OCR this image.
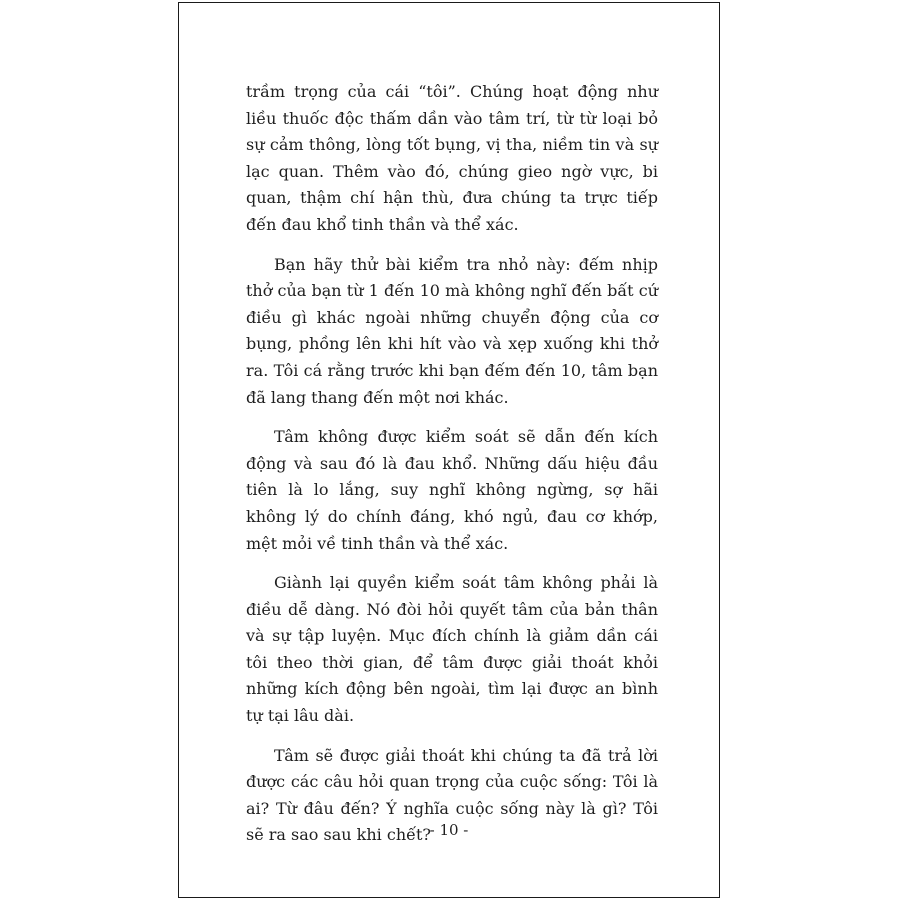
trầm trọng của cái “tôi”. Chúng hoạt động như liều thuốc độc thấm dần vào tâm trí, từ từ loại bỏ sự cảm thông, lòng tốt bụng, vị tha, niềm tin và sự lạc quan. Thêm vào đó, chúng gieo ngờ vực, bi quan, thậm chí hận thù, đưa chúng ta trực tiếp đến đau khổ tinh thần và thể xác.

Bạn hãy thử bài kiểm tra nhỏ này: đếm nhịp thở của bạn từ 1 đến 10 mà không nghĩ đến bất cứ điều gì khác ngoài những chuyển động của cơ bụng, phồng lên khi hít vào và xẹp xuống khi thở ra. Tôi cá rằng trước khi bạn đếm đến 10, tâm bạn đã lang thang đến một nơi khác.

Tâm không được kiểm soát sẽ dẫn đến kích động và sau đó là đau khổ. Những dấu hiệu đầu tiên là lo lắng, suy nghĩ không ngừng, sợ hãi không lý do chính đáng, khó ngủ, đau cơ khớp, mệt mỏi về tinh thần và thể xác.

Giành lại quyền kiểm soát tâm không phải là điều dễ dàng. Nó đòi hỏi quyết tâm của bản thân và sự tập luyện. Mục đích chính là giảm dần cái tôi theo thời gian, để tâm được giải thoát khỏi những kích động bên ngoài, tìm lại được an bình tự tại lâu dài.

Tâm sẽ được giải thoát khi chúng ta đã trả lời được các câu hỏi quan trọng của cuộc sống: Tôi là ai? Từ đâu đến? Ý nghĩa cuộc sống này là gì? Tôi sẽ ra sao sau khi chết?

- 10 -
